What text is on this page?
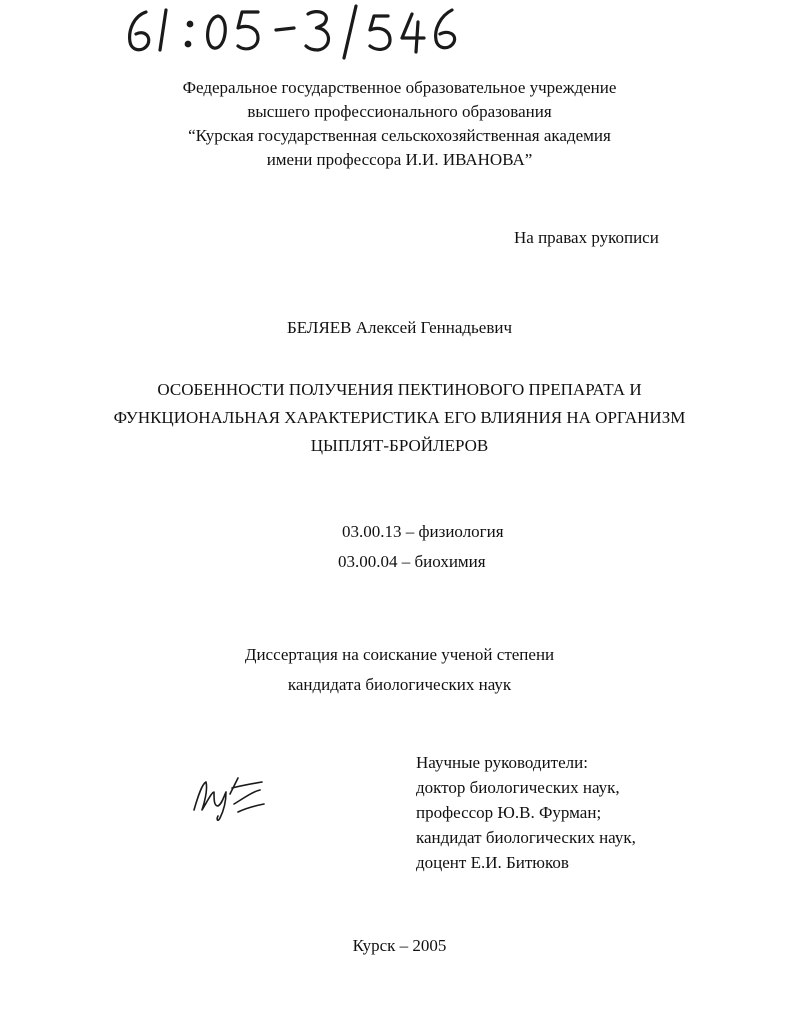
Федеральное государственное образовательное учреждение
высшего профессионального образования
“Курская государственная сельскохозяйственная академия
имени профессора И.И. ИВАНОВА”
На правах рукописи
БЕЛЯЕВ Алексей Геннадьевич
ОСОБЕННОСТИ ПОЛУЧЕНИЯ ПЕКТИНОВОГО ПРЕПАРАТА И
ФУНКЦИОНАЛЬНАЯ ХАРАКТЕРИСТИКА ЕГО ВЛИЯНИЯ НА ОРГАНИЗМ
ЦЫПЛЯТ-БРОЙЛЕРОВ
03.00.13 – физиология
03.00.04 – биохимия
Диссертация на соискание ученой степени
кандидата биологических наук
Научные руководители:
доктор биологических наук,
профессор Ю.В. Фурман;
кандидат биологических наук,
доцент Е.И. Битюков
Курск – 2005
